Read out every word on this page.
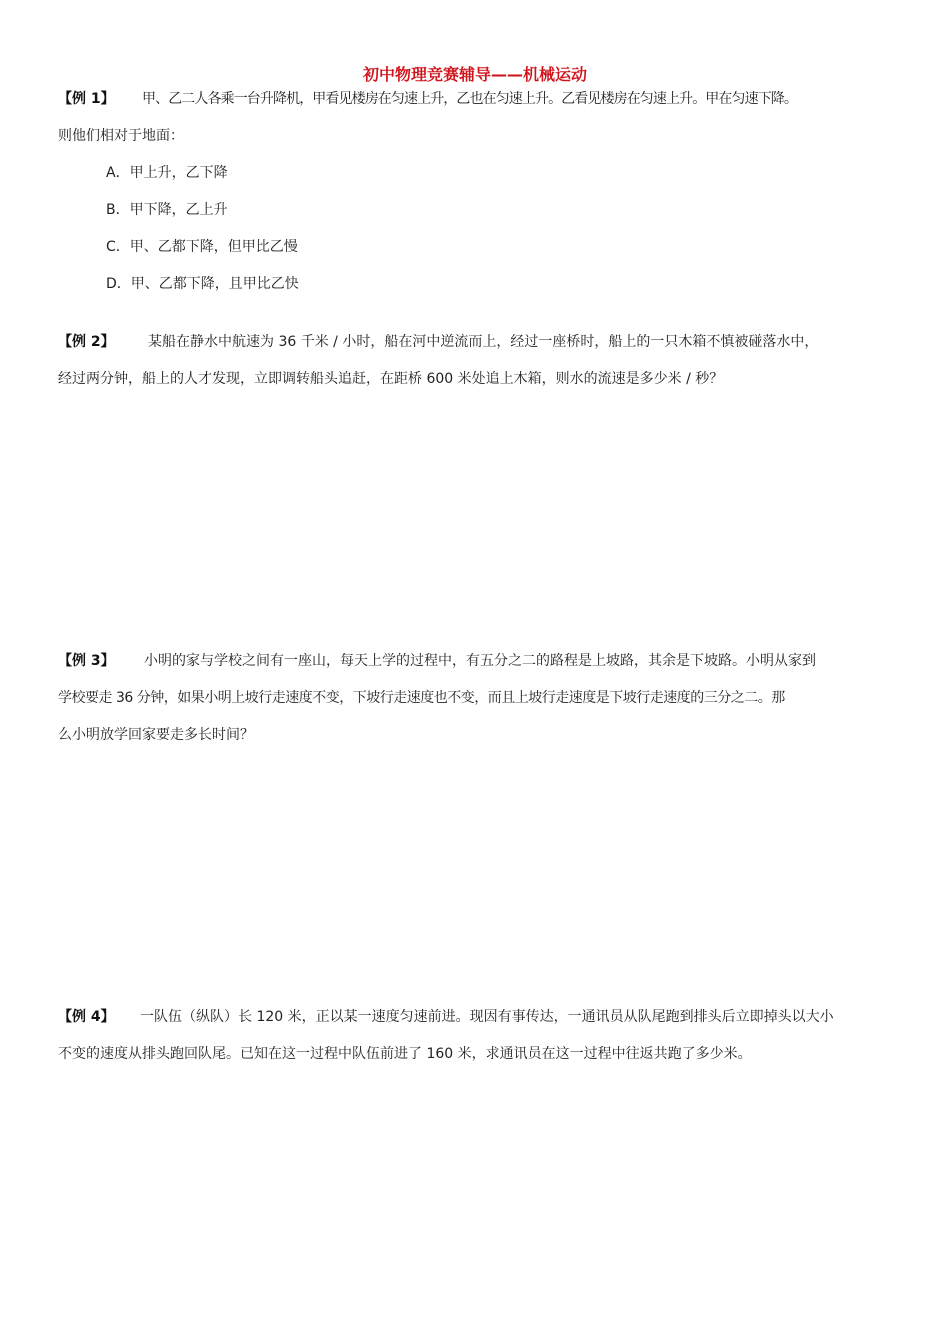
初中物理竞赛辅导——机械运动
【例 1】 甲、乙二人各乘一台升降机，甲看见楼房在匀速上升，乙也在匀速上升。乙看见楼房在匀速上升。甲在匀速下降。
则他们相对于地面：
A．甲上升，乙下降
B．甲下降，乙上升
C．甲、乙都下降，但甲比乙慢
D．甲、乙都下降，且甲比乙快
【例 2】 某船在静水中航速为 36 千米 / 小时，船在河中逆流而上，经过一座桥时，船上的一只木箱不慎被碰落水中，
经过两分钟，船上的人才发现，立即调转船头追赶，在距桥 600 米处追上木箱，则水的流速是多少米 / 秒？
【例 3】 小明的家与学校之间有一座山，每天上学的过程中，有五分之二的路程是上坡路，其余是下坡路。小明从家到
学校要走 36 分钟，如果小明上坡行走速度不变，下坡行走速度也不变，而且上坡行走速度是下坡行走速度的三分之二。那
么小明放学回家要走多长时间？
【例 4】 一队伍（纵队）长 120 米，正以某一速度匀速前进。现因有事传达，一通讯员从队尾跑到排头后立即掉头以大小
不变的速度从排头跑回队尾。已知在这一过程中队伍前进了 160 米，求通讯员在这一过程中往返共跑了多少米。
